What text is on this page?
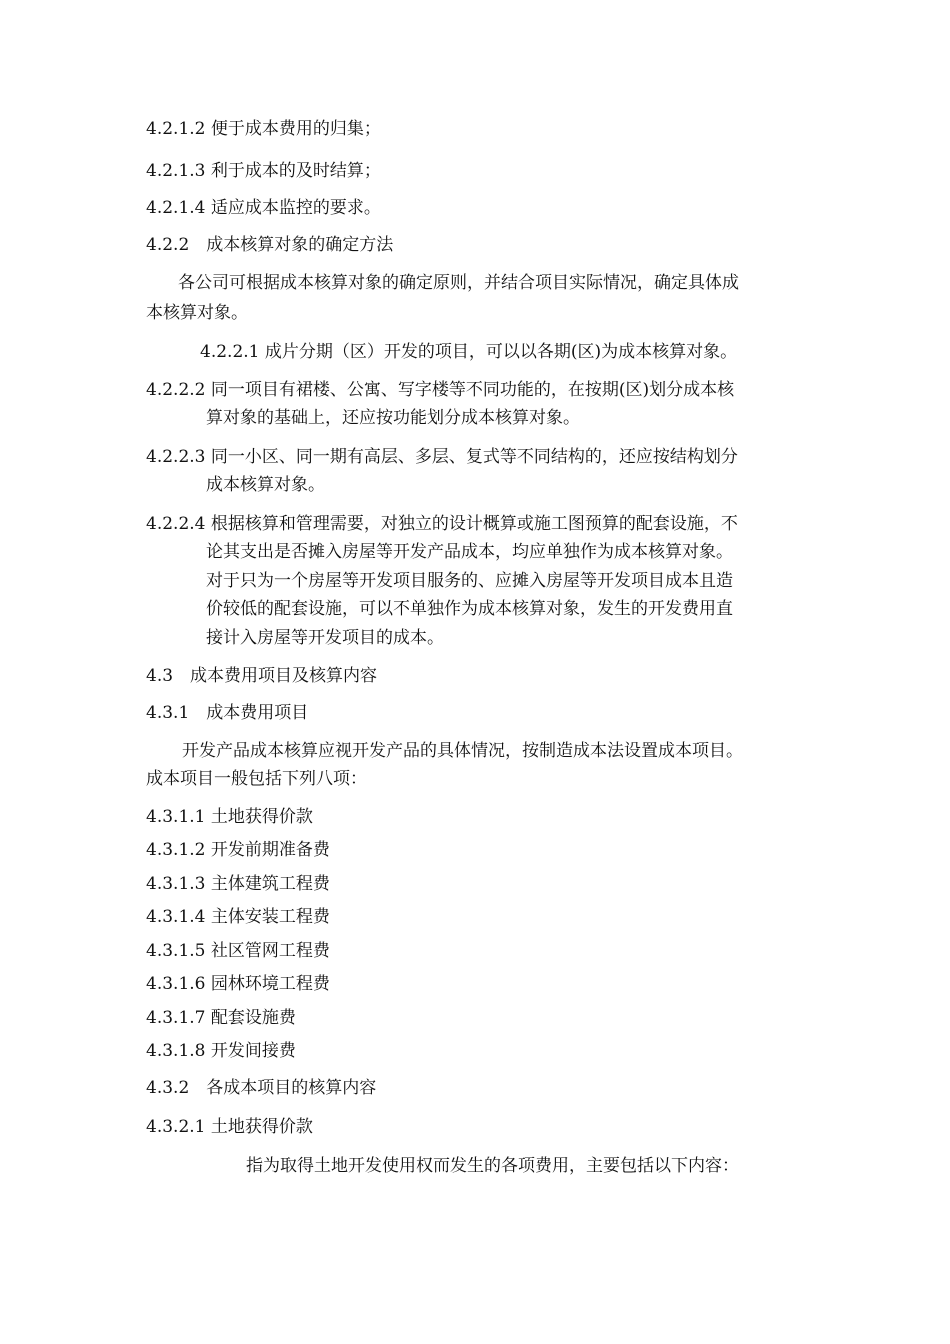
4.2.1.2 便于成本费用的归集；
4.2.1.3 利于成本的及时结算；
4.2.1.4 适应成本监控的要求。
4.2.2　成本核算对象的确定方法
各公司可根据成本核算对象的确定原则，并结合项目实际情况，确定具体成
本核算对象。
4.2.2.1 成片分期（区）开发的项目，可以以各期(区)为成本核算对象。
4.2.2.2 同一项目有裙楼、公寓、写字楼等不同功能的，在按期(区)划分成本核
算对象的基础上，还应按功能划分成本核算对象。
4.2.2.3 同一小区、同一期有高层、多层、复式等不同结构的，还应按结构划分
成本核算对象。
4.2.2.4 根据核算和管理需要，对独立的设计概算或施工图预算的配套设施，不
论其支出是否摊入房屋等开发产品成本，均应单独作为成本核算对象。
对于只为一个房屋等开发项目服务的、应摊入房屋等开发项目成本且造
价较低的配套设施，可以不单独作为成本核算对象，发生的开发费用直
接计入房屋等开发项目的成本。
4.3　成本费用项目及核算内容
4.3.1　成本费用项目
开发产品成本核算应视开发产品的具体情况，按制造成本法设置成本项目。
成本项目一般包括下列八项：
4.3.1.1 土地获得价款
4.3.1.2 开发前期准备费
4.3.1.3 主体建筑工程费
4.3.1.4 主体安装工程费
4.3.1.5 社区管网工程费
4.3.1.6 园林环境工程费
4.3.1.7 配套设施费
4.3.1.8 开发间接费
4.3.2　各成本项目的核算内容
4.3.2.1 土地获得价款
指为取得土地开发使用权而发生的各项费用，主要包括以下内容：
